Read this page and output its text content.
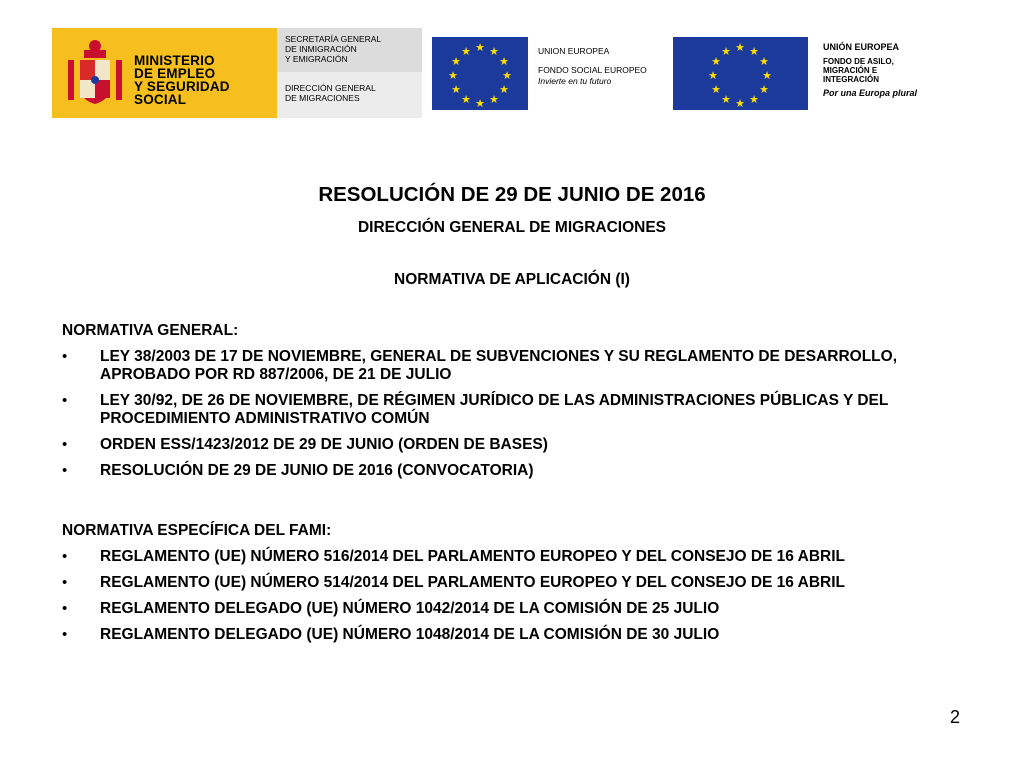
MINISTERIO
DE EMPLEO
Y SEGURIDAD SOCIAL
SECRETARÍA GENERAL
DE INMIGRACIÓN
Y EMIGRACIÓN
DIRECCIÓN GENERAL
DE MIGRACIONES
★ ★
★
★
★
★
★
★
★
★
★
★	UNION EUROPEA
FONDO SOCIAL EUROPEO
Invierte en tu futuro
★ ★
★
★
★
★
★
★
★
★
★
★	UNIÓN EUROPEA
FONDO DE ASILO,
MIGRACIÓN E
INTEGRACIÓN
Por una Europa plural
RESOLUCIÓN DE 29 DE JUNIO DE 2016
DIRECCIÓN GENERAL DE MIGRACIONES
NORMATIVA DE APLICACIÓN (I)
NORMATIVA GENERAL:
• LEY 38/2003 DE 17 DE NOVIEMBRE, GENERAL DE SUBVENCIONES Y SU REGLAMENTO DE DESARROLLO, APROBADO POR RD 887/2006, DE 21 DE JULIO
• LEY 30/92, DE 26 DE NOVIEMBRE, DE RÉGIMEN JURÍDICO DE LAS ADMINISTRACIONES PÚBLICAS Y DEL PROCEDIMIENTO ADMINISTRATIVO COMÚN
• ORDEN ESS/1423/2012 DE 29 DE JUNIO (ORDEN DE BASES)
• RESOLUCIÓN DE 29 DE JUNIO DE 2016 (CONVOCATORIA)
NORMATIVA ESPECÍFICA DEL FAMI:
• REGLAMENTO (UE) NÚMERO 516/2014 DEL PARLAMENTO EUROPEO Y DEL CONSEJO DE 16 ABRIL
• REGLAMENTO (UE) NÚMERO 514/2014 DEL PARLAMENTO EUROPEO Y DEL CONSEJO DE 16 ABRIL
• REGLAMENTO DELEGADO (UE) NÚMERO 1042/2014 DE LA COMISIÓN DE 25 JULIO
• REGLAMENTO DELEGADO (UE) NÚMERO 1048/2014 DE LA COMISIÓN DE 30 JULIO
2
